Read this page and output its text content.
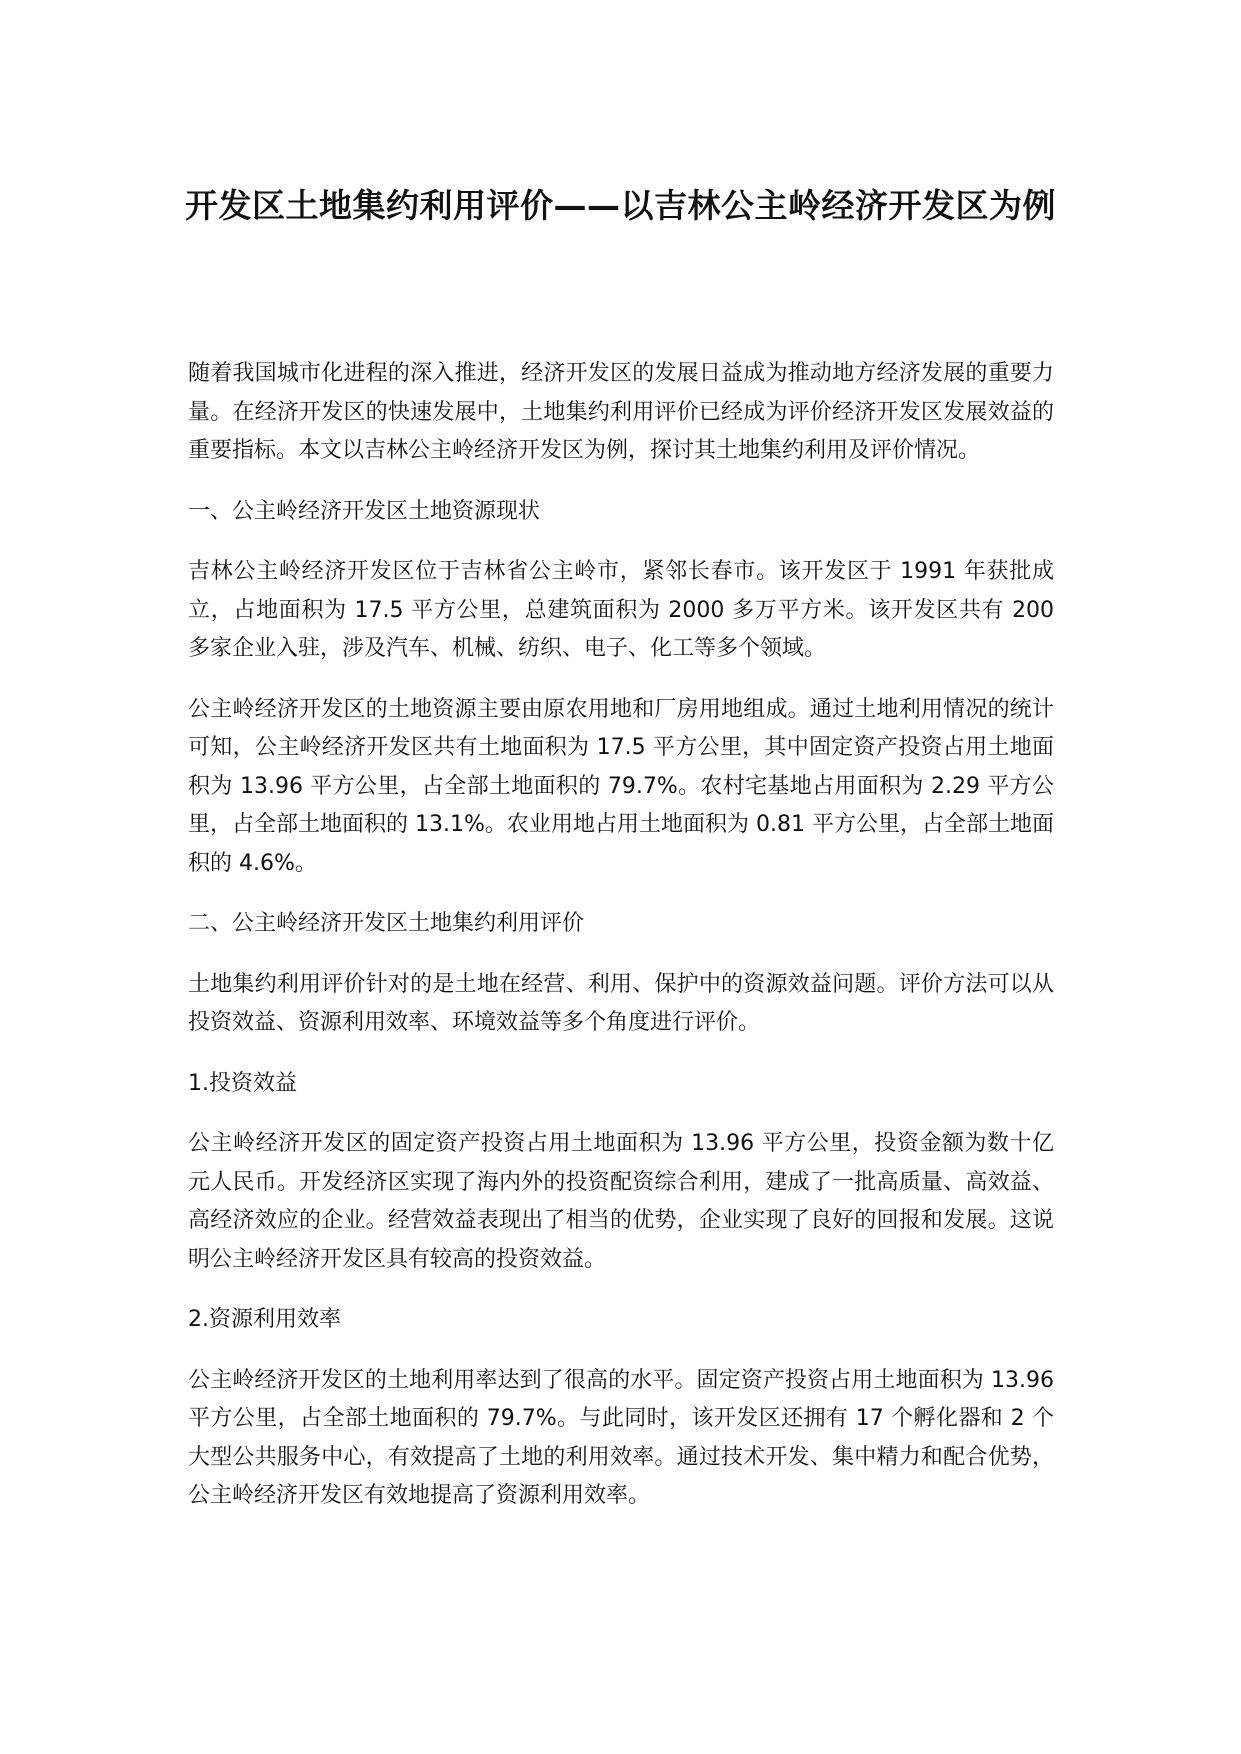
开发区土地集约利用评价——以吉林公主岭经济开发区为例

随着我国城市化进程的深入推进，经济开发区的发展日益成为推动地方经济发展的重要力量。在经济开发区的快速发展中，土地集约利用评价已经成为评价经济开发区发展效益的重要指标。本文以吉林公主岭经济开发区为例，探讨其土地集约利用及评价情况。

一、公主岭经济开发区土地资源现状

吉林公主岭经济开发区位于吉林省公主岭市，紧邻长春市。该开发区于 1991 年获批成立，占地面积为 17.5 平方公里，总建筑面积为 2000 多万平方米。该开发区共有 200 多家企业入驻，涉及汽车、机械、纺织、电子、化工等多个领域。

公主岭经济开发区的土地资源主要由原农用地和厂房用地组成。通过土地利用情况的统计可知，公主岭经济开发区共有土地面积为 17.5 平方公里，其中固定资产投资占用土地面积为 13.96 平方公里，占全部土地面积的 79.7%。农村宅基地占用面积为 2.29 平方公里，占全部土地面积的 13.1%。农业用地占用土地面积为 0.81 平方公里，占全部土地面积的 4.6%。

二、公主岭经济开发区土地集约利用评价

土地集约利用评价针对的是土地在经营、利用、保护中的资源效益问题。评价方法可以从投资效益、资源利用效率、环境效益等多个角度进行评价。

1.投资效益

公主岭经济开发区的固定资产投资占用土地面积为 13.96 平方公里，投资金额为数十亿元人民币。开发经济区实现了海内外的投资配资综合利用，建成了一批高质量、高效益、高经济效应的企业。经营效益表现出了相当的优势，企业实现了良好的回报和发展。这说明公主岭经济开发区具有较高的投资效益。

2.资源利用效率

公主岭经济开发区的土地利用率达到了很高的水平。固定资产投资占用土地面积为 13.96 平方公里，占全部土地面积的 79.7%。与此同时，该开发区还拥有 17 个孵化器和 2 个大型公共服务中心，有效提高了土地的利用效率。通过技术开发、集中精力和配合优势，公主岭经济开发区有效地提高了资源利用效率。
